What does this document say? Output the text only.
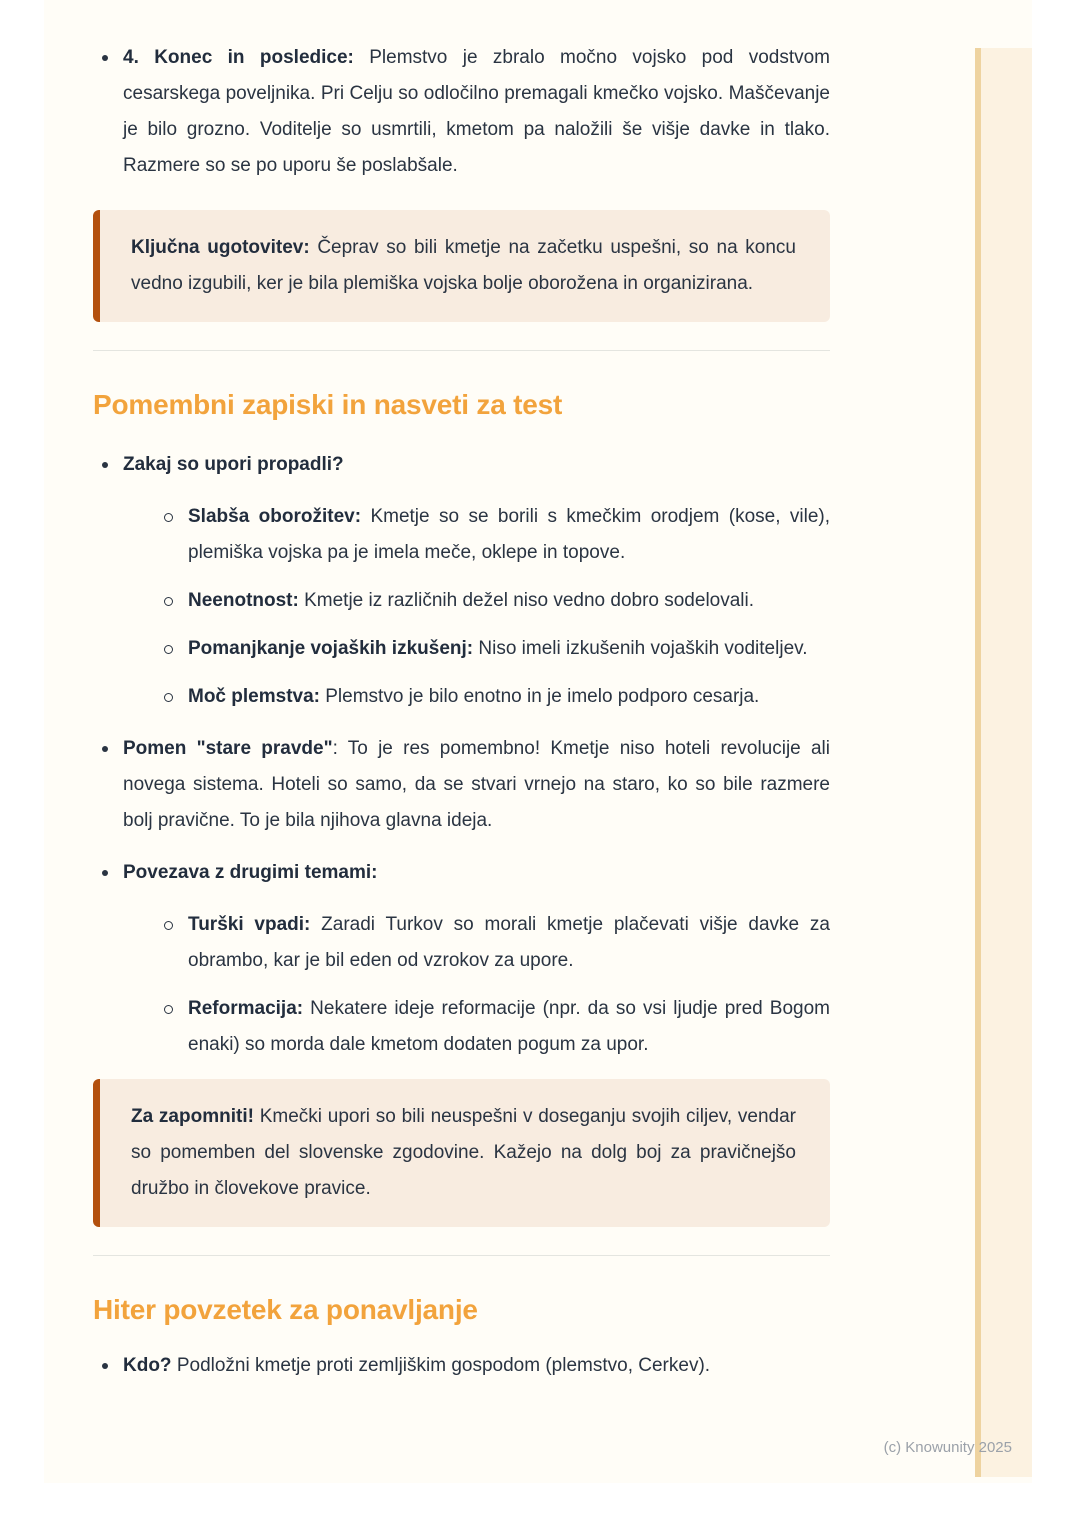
4. Konec in posledice: Plemstvo je zbralo močno vojsko pod vodstvom cesarskega poveljnika. Pri Celju so odločilno premagali kmečko vojsko. Maščevanje je bilo grozno. Voditelje so usmrtili, kmetom pa naložili še višje davke in tlako. Razmere so se po uporu še poslabšale.
Ključna ugotovitev: Čeprav so bili kmetje na začetku uspešni, so na koncu vedno izgubili, ker je bila plemiška vojska bolje oborožena in organizirana.
Pomembni zapiski in nasveti za test
Zakaj so upori propadli?
Slabša oborožitev: Kmetje so se borili s kmečkim orodjem (kose, vile), plemiška vojska pa je imela meče, oklepe in topove.
Neenotnost: Kmetje iz različnih dežel niso vedno dobro sodelovali.
Pomanjkanje vojaških izkušenj: Niso imeli izkušenih vojaških voditeljev.
Moč plemstva: Plemstvo je bilo enotno in je imelo podporo cesarja.
Pomen "stare pravde": To je res pomembno! Kmetje niso hoteli revolucije ali novega sistema. Hoteli so samo, da se stvari vrnejo na staro, ko so bile razmere bolj pravične. To je bila njihova glavna ideja.
Povezava z drugimi temami:
Turški vpadi: Zaradi Turkov so morali kmetje plačevati višje davke za obrambo, kar je bil eden od vzrokov za upore.
Reformacija: Nekatere ideje reformacije (npr. da so vsi ljudje pred Bogom enaki) so morda dale kmetom dodaten pogum za upor.
Za zapomniti! Kmečki upori so bili neuspešni v doseganju svojih ciljev, vendar so pomemben del slovenske zgodovine. Kažejo na dolg boj za pravičnejšo družbo in človekove pravice.
Hiter povzetek za ponavljanje
Kdo? Podložni kmetje proti zemljiškim gospodom (plemstvo, Cerkev).
(c) Knowunity 2025
